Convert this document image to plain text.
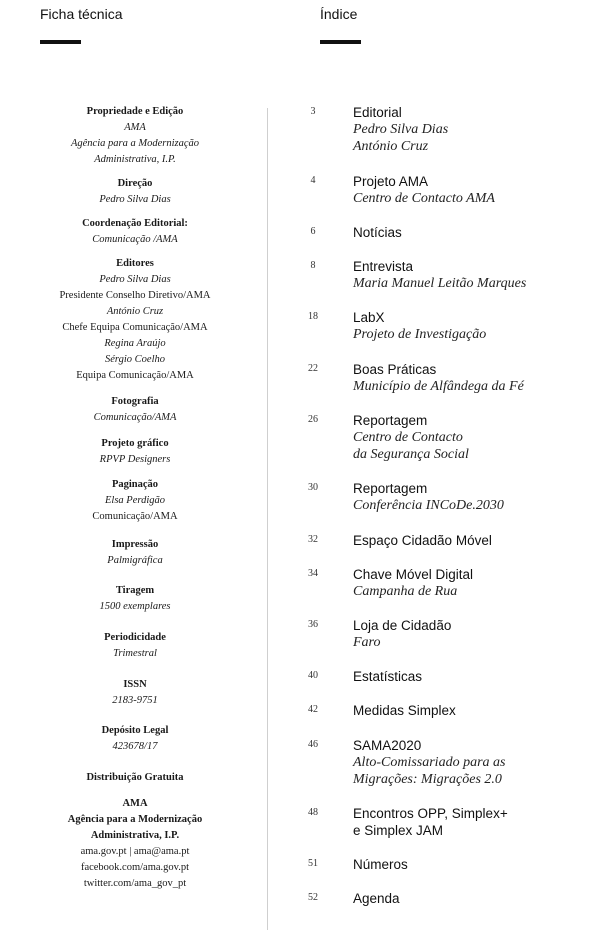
Ficha técnica	Índice
Propriedade e Edição
AMA
Agência para a Modernização
Administrativa, I.P.
Direção
Pedro Silva Dias
Coordenação Editorial:
Comunicação /AMA
Editores
Pedro Silva Dias
Presidente Conselho Diretivo/AMA
António Cruz
Chefe Equipa Comunicação/AMA
Regina Araújo
Sérgio Coelho
Equipa Comunicação/AMA
Fotografia
Comunicação/AMA
Projeto gráfico
RPVP Designers
Paginação
Elsa Perdigão
Comunicação/AMA
Impressão
Palmigráfica
Tiragem
1500 exemplares
Periodicidade
Trimestral
ISSN
2183-9751
Depósito Legal
423678/17
Distribuição Gratuita
AMA
Agência para a Modernização
Administrativa, I.P.
ama.gov.pt | ama@ama.pt
facebook.com/ama.gov.pt
twitter.com/ama_gov_pt
3	Editorial
Pedro Silva Dias
António Cruz
4	Projeto AMA
Centro de Contacto AMA
6	Notícias
8	Entrevista
Maria Manuel Leitão Marques
18	LabX
Projeto de Investigação
22	Boas Práticas
Município de Alfândega da Fé
26	Reportagem
Centro de Contacto
da Segurança Social
30	Reportagem
Conferência INCoDe.2030
32	Espaço Cidadão Móvel
34	Chave Móvel Digital
Campanha de Rua
36	Loja de Cidadão
Faro
40	Estatísticas
42	Medidas Simplex
46	SAMA2020
Alto-Comissariado para as
Migrações: Migrações 2.0
48	Encontros OPP, Simplex+
e Simplex JAM
51	Números
52	Agenda
